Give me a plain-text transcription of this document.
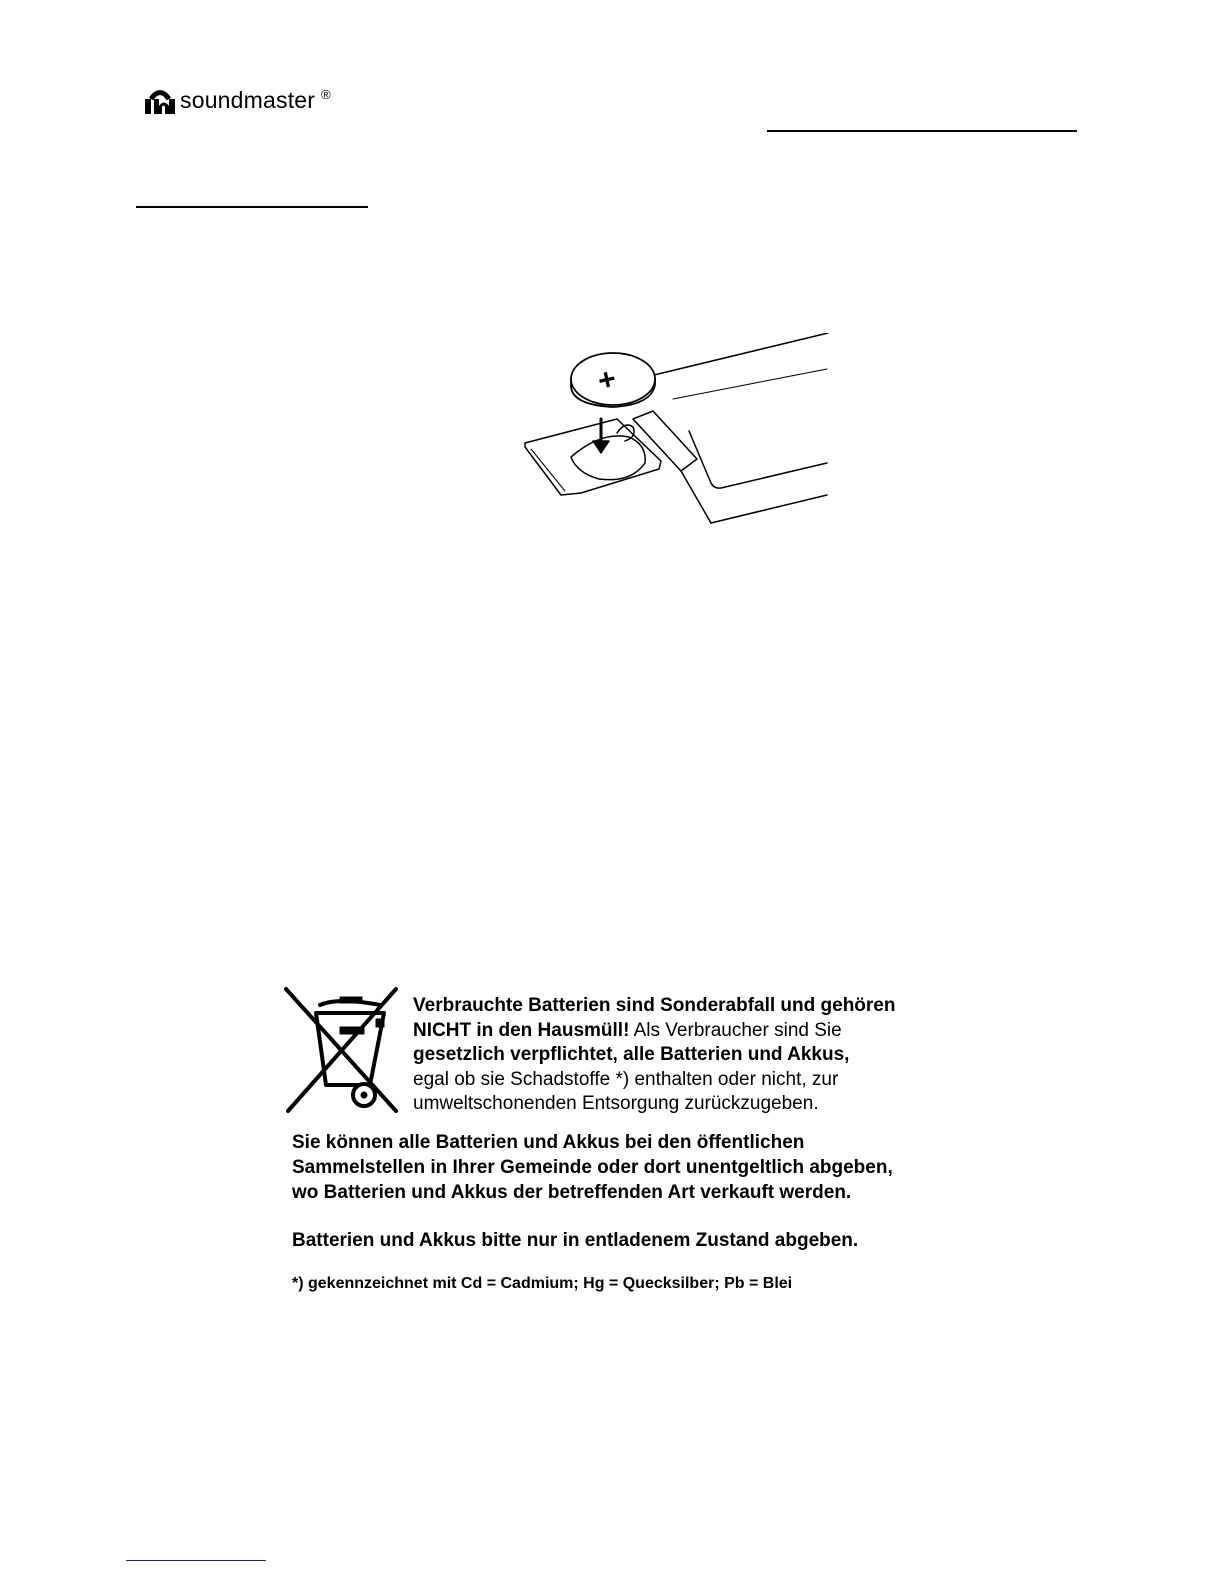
soundmaster ®
+
Verbrauchte Batterien sind Sonderabfall und gehören
NICHT in den Hausmüll! Als Verbraucher sind Sie
gesetzlich verpflichtet, alle Batterien und Akkus,
egal ob sie Schadstoffe *) enthalten oder nicht, zur
umweltschonenden Entsorgung zurückzugeben.
Sie können alle Batterien und Akkus bei den öffentlichen
Sammelstellen in Ihrer Gemeinde oder dort unentgeltlich abgeben,
wo Batterien und Akkus der betreffenden Art verkauft werden.

Batterien und Akkus bitte nur in entladenem Zustand abgeben.

*) gekennzeichnet mit Cd = Cadmium; Hg = Quecksilber; Pb = Blei
